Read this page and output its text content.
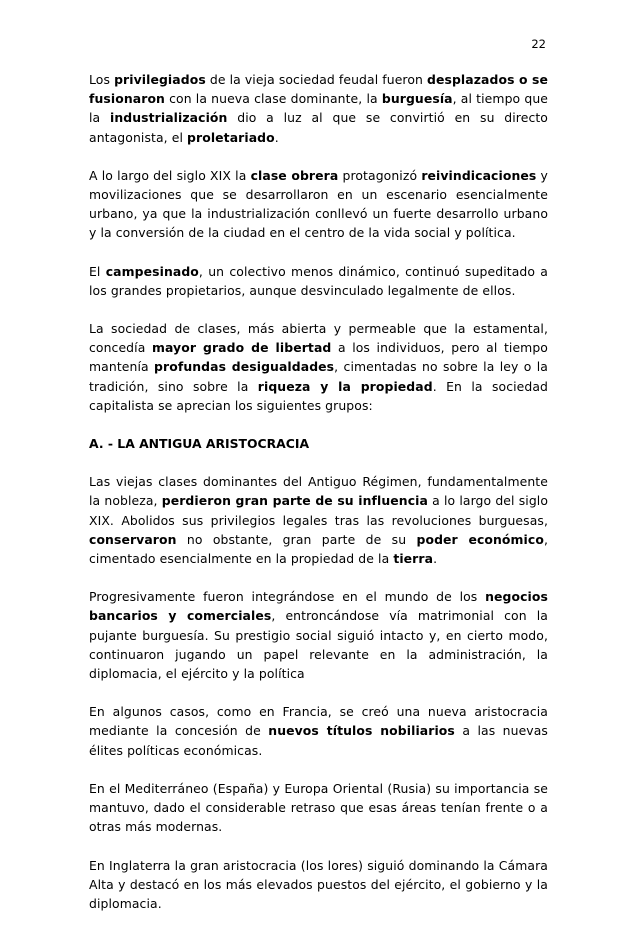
22

Los privilegiados de la vieja sociedad feudal fueron desplazados o se fusionaron con la nueva clase dominante, la burguesía, al tiempo que la industrialización dio a luz al que se convirtió en su directo antagonista, el proletariado.

A lo largo del siglo XIX la clase obrera protagonizó reivindicaciones y movilizaciones que se desarrollaron en un escenario esencialmente urbano, ya que la industrialización conllevó un fuerte desarrollo urbano y la conversión de la ciudad en el centro de la vida social y política.

El campesinado, un colectivo menos dinámico, continuó supeditado a los grandes propietarios, aunque desvinculado legalmente de ellos.

La sociedad de clases, más abierta y permeable que la estamental, concedía mayor grado de libertad a los individuos, pero al tiempo mantenía profundas desigualdades, cimentadas no sobre la ley o la tradición, sino sobre la riqueza y la propiedad. En la sociedad capitalista se aprecian los siguientes grupos:

A. - LA ANTIGUA ARISTOCRACIA

Las viejas clases dominantes del Antiguo Régimen, fundamentalmente la nobleza, perdieron gran parte de su influencia a lo largo del siglo XIX. Abolidos sus privilegios legales tras las revoluciones burguesas, conservaron no obstante, gran parte de su poder económico, cimentado esencialmente en la propiedad de la tierra.

Progresivamente fueron integrándose en el mundo de los negocios bancarios y comerciales, entroncándose vía matrimonial con la pujante burguesía. Su prestigio social siguió intacto y, en cierto modo, continuaron jugando un papel relevante en la administración, la diplomacia, el ejército y la política

En algunos casos, como en Francia, se creó una nueva aristocracia mediante la concesión de nuevos títulos nobiliarios a las nuevas élites políticas económicas.

En el Mediterráneo (España) y Europa Oriental (Rusia) su importancia se mantuvo, dado el considerable retraso que esas áreas tenían frente o a otras más modernas.

En Inglaterra la gran aristocracia (los lores) siguió dominando la Cámara Alta y destacó en los más elevados puestos del ejército, el gobierno y la diplomacia.
